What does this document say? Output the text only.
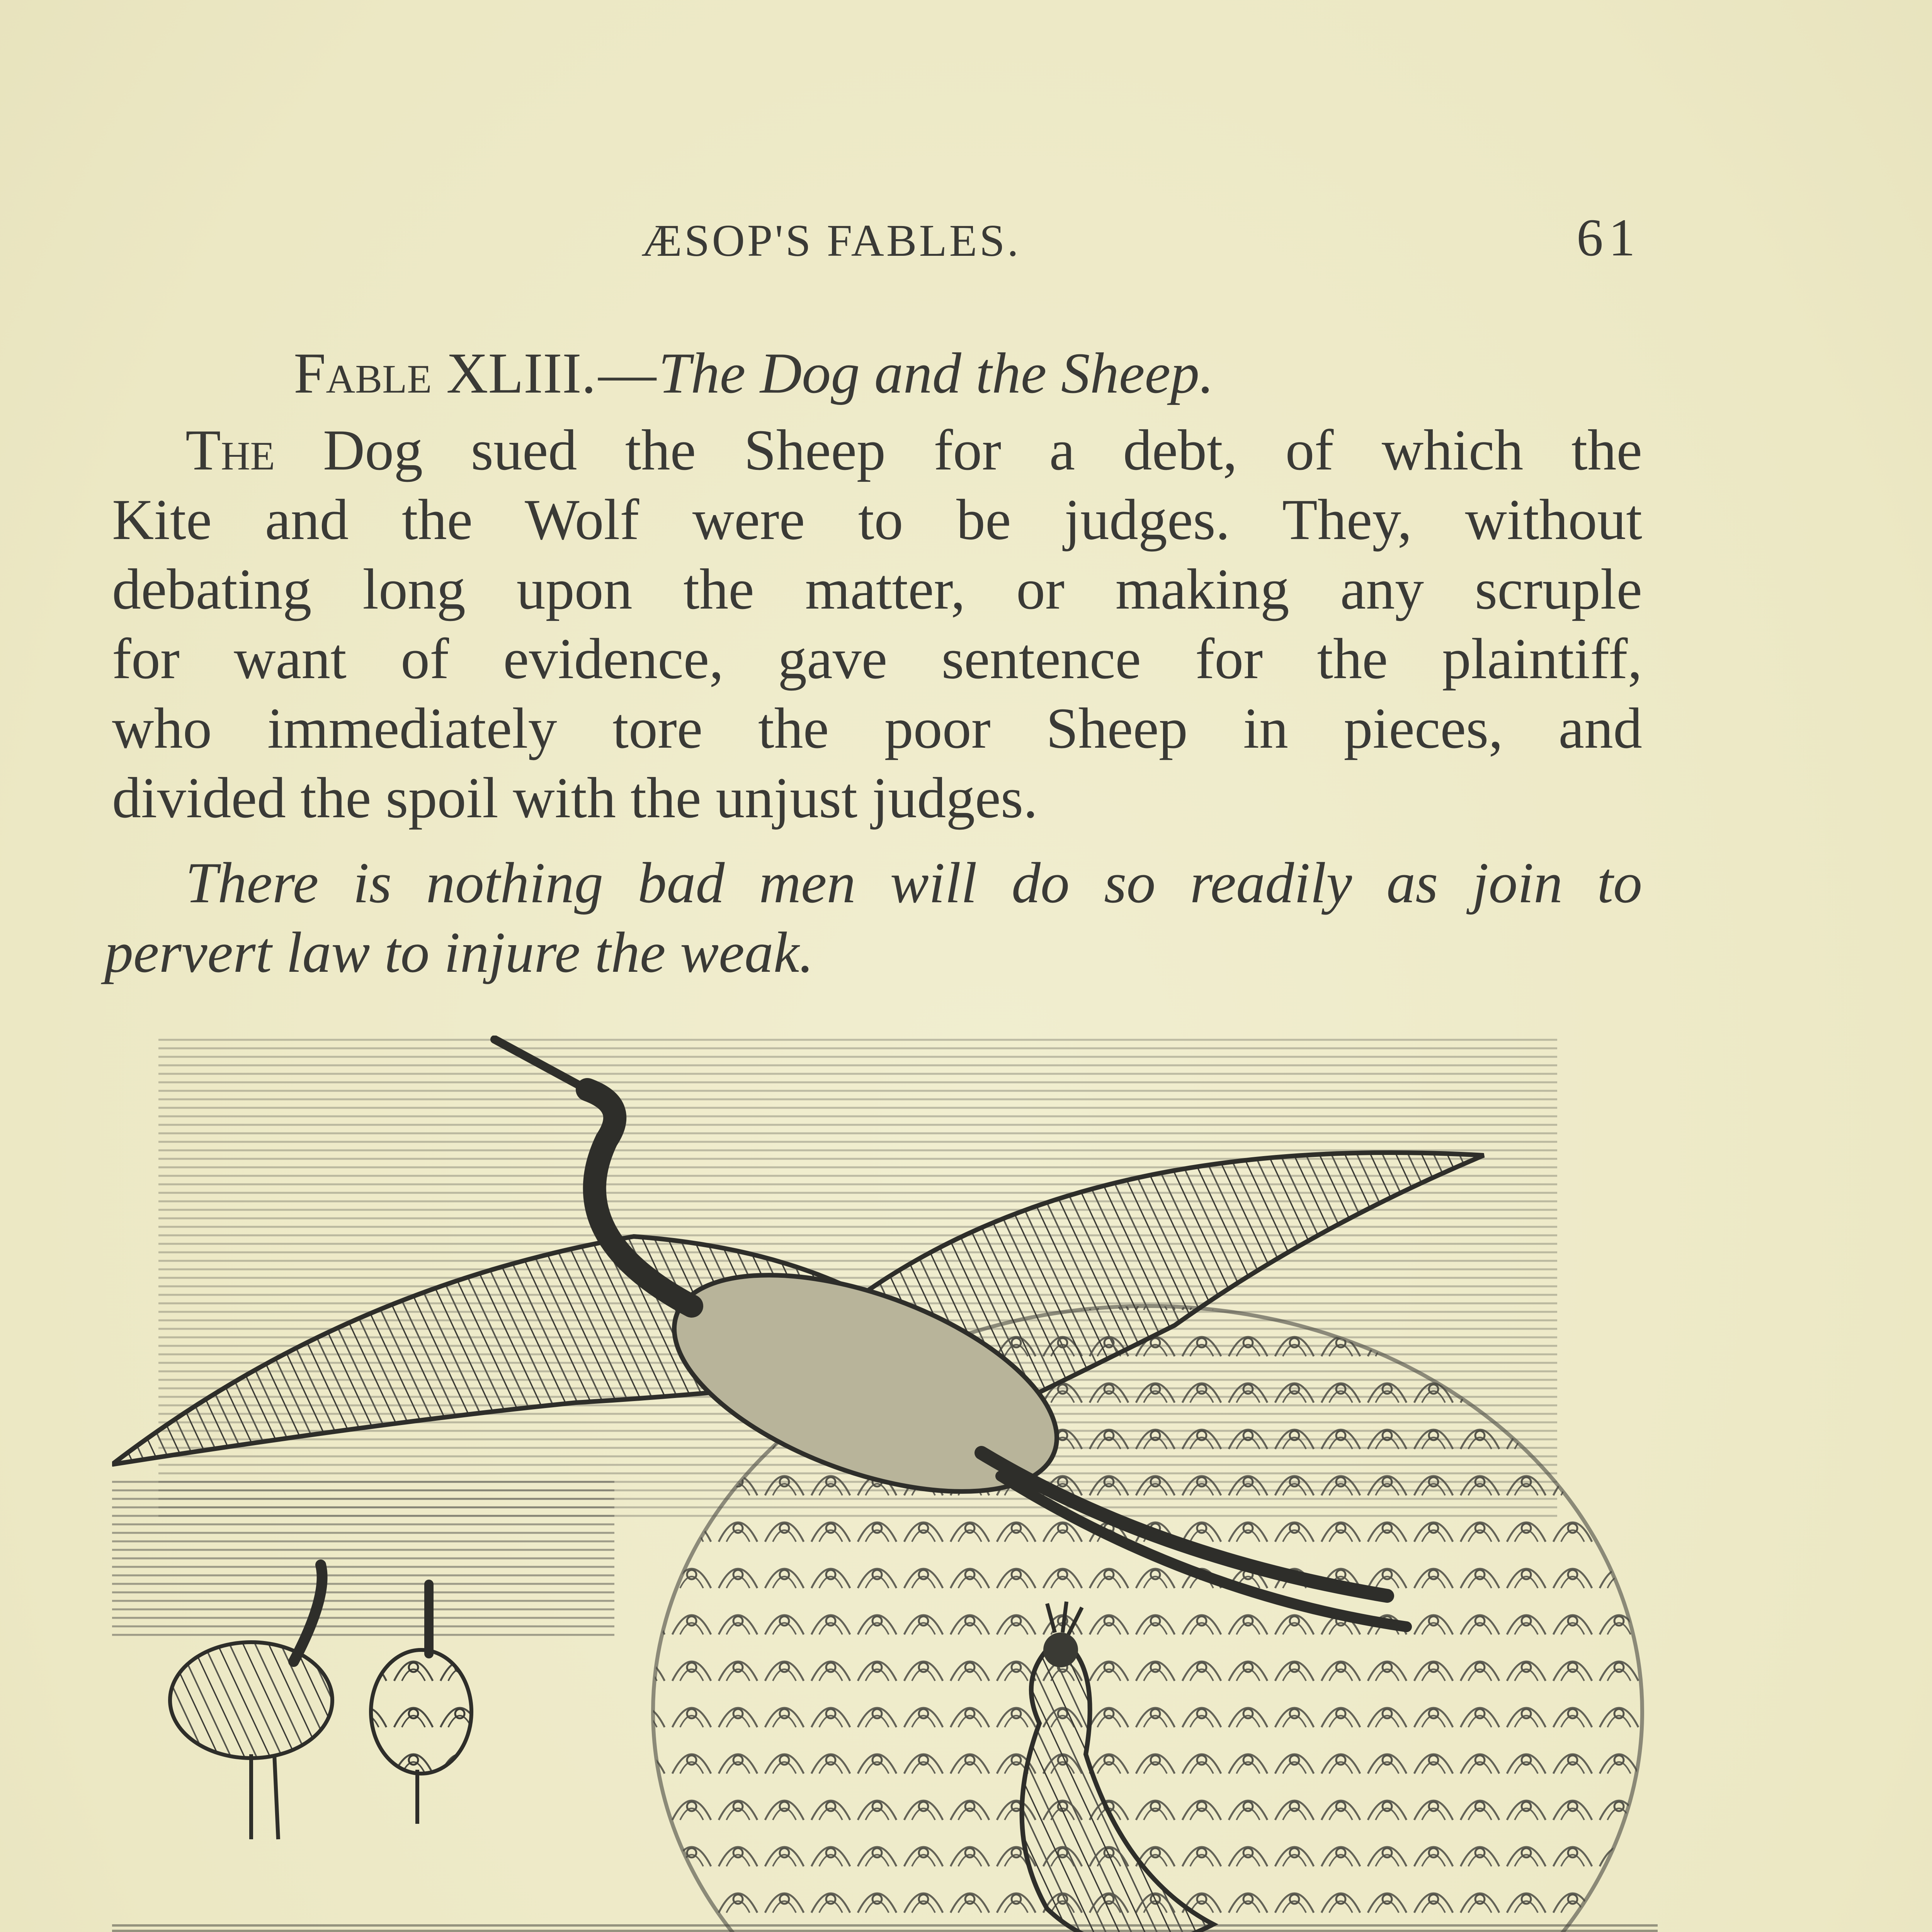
ÆSOP'S FABLES.	61
Fable XLIII.—The Dog and the Sheep.
The Dog sued the Sheep for a debt, of which the
Kite and the Wolf were to be judges. They, without
debating long upon the matter, or making any scruple
for want of evidence, gave sentence for the plaintiff,
who immediately tore the poor Sheep in pieces, and
divided the spoil with the unjust judges.
There is nothing bad men will do so readily as join to
pervert law to injure the weak.
